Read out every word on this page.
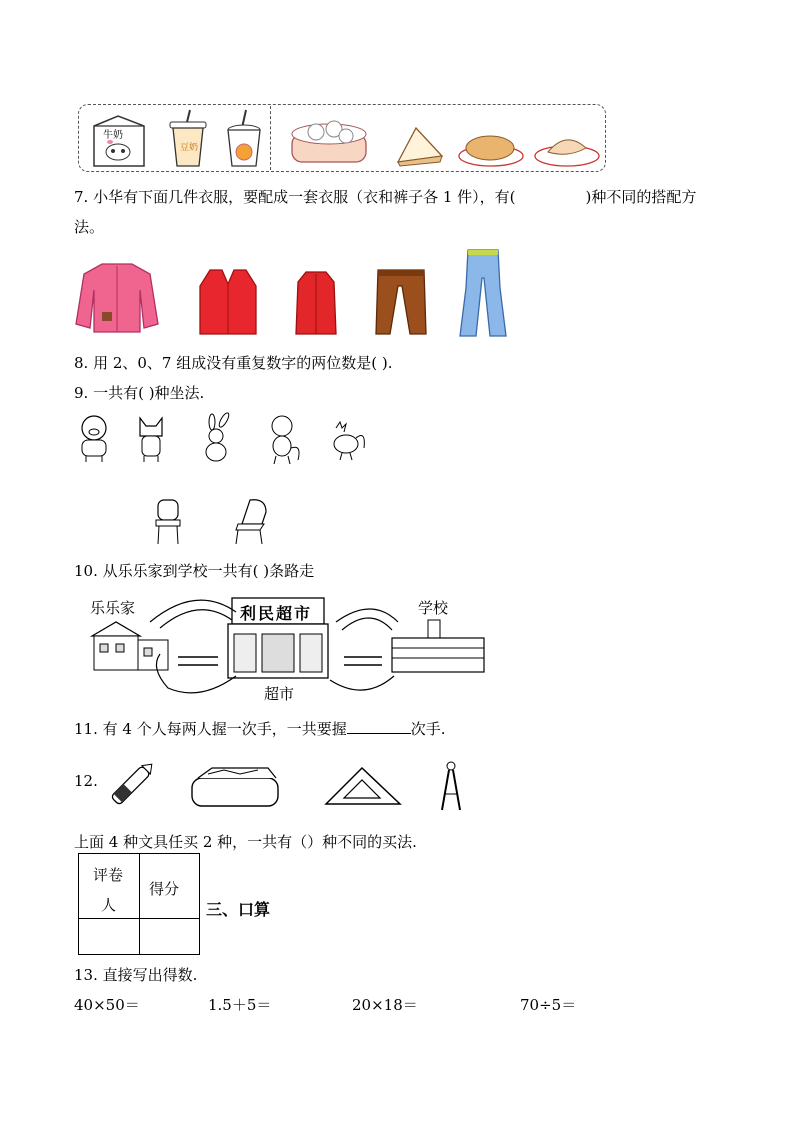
牛奶
豆奶
7. 小华有下面几件衣服，要配成一套衣服（衣和裤子各 1 件），有(	)种不同的搭配方
法。
8. 用 2、0、7 组成没有重复数字的两位数是( ).
9. 一共有( )种坐法.
10. 从乐乐家到学校一共有( )条路走
乐乐家	学校
超市
利民超市
11. 有 4 个人每两人握一次手，一共要握	次手.
12.
上面 4 种文具任买 2 种，一共有（）种不同的买法.
评卷
人
得分
三、口算
13. 直接写出得数.
40×50＝	1.5＋5＝	20×18＝	70÷5＝
